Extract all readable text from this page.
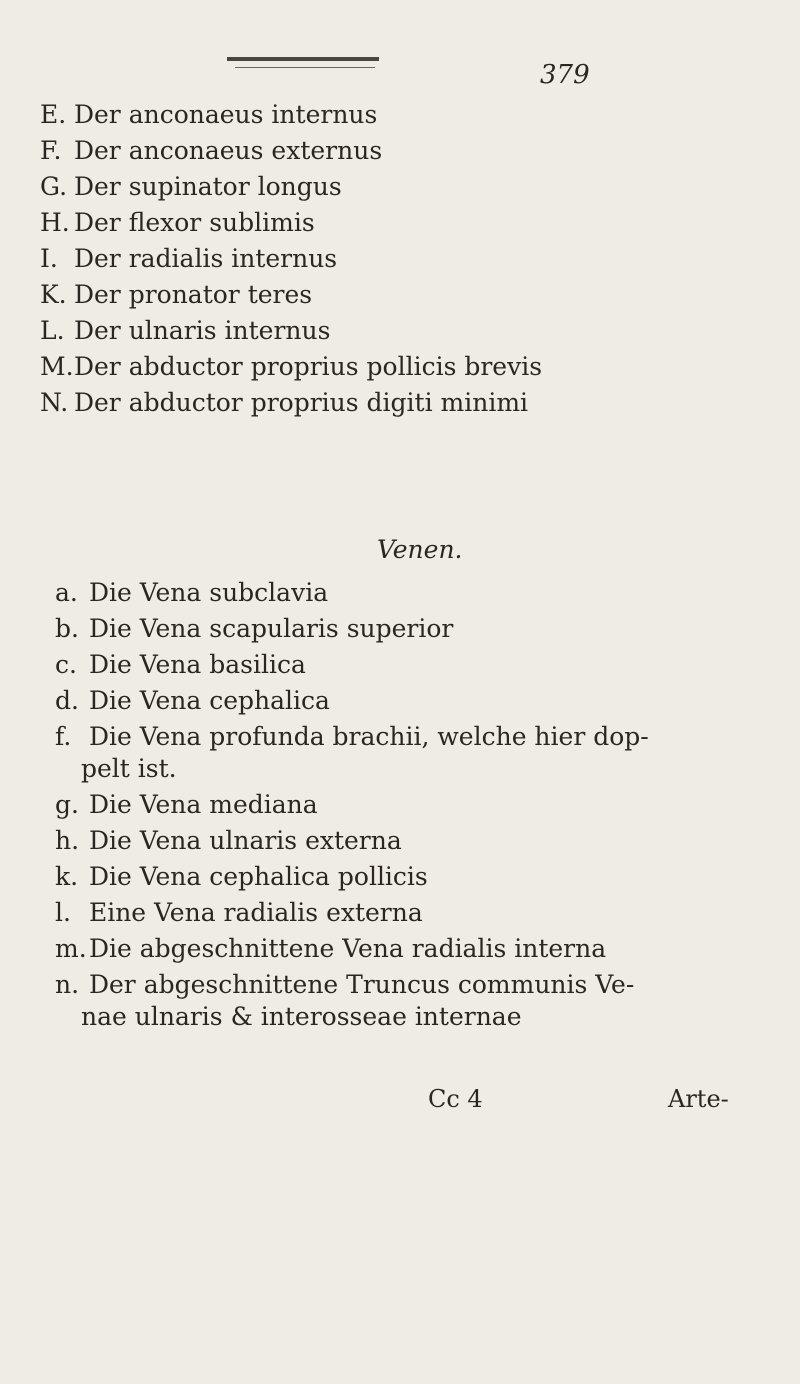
379
E. Der anconaeus internus
F. Der anconaeus externus
G. Der supinator longus
H. Der flexor sublimis
I. Der radialis internus
K. Der pronator teres
L. Der ulnaris internus
M. Der abductor proprius pollicis brevis
N. Der abductor proprius digiti minimi
Venen.
a. Die Vena subclavia
b. Die Vena scapularis superior
c. Die Vena basilica
d. Die Vena cephalica
f. Die Vena profunda brachii, welche hier dop-
pelt ist.
g. Die Vena mediana
h. Die Vena ulnaris externa
k. Die Vena cephalica pollicis
l. Eine Vena radialis externa
m. Die abgeschnittene Vena radialis interna
n. Der abgeschnittene Truncus communis Ve-
nae ulnaris & interosseae internae
Cc 4	Arte-
